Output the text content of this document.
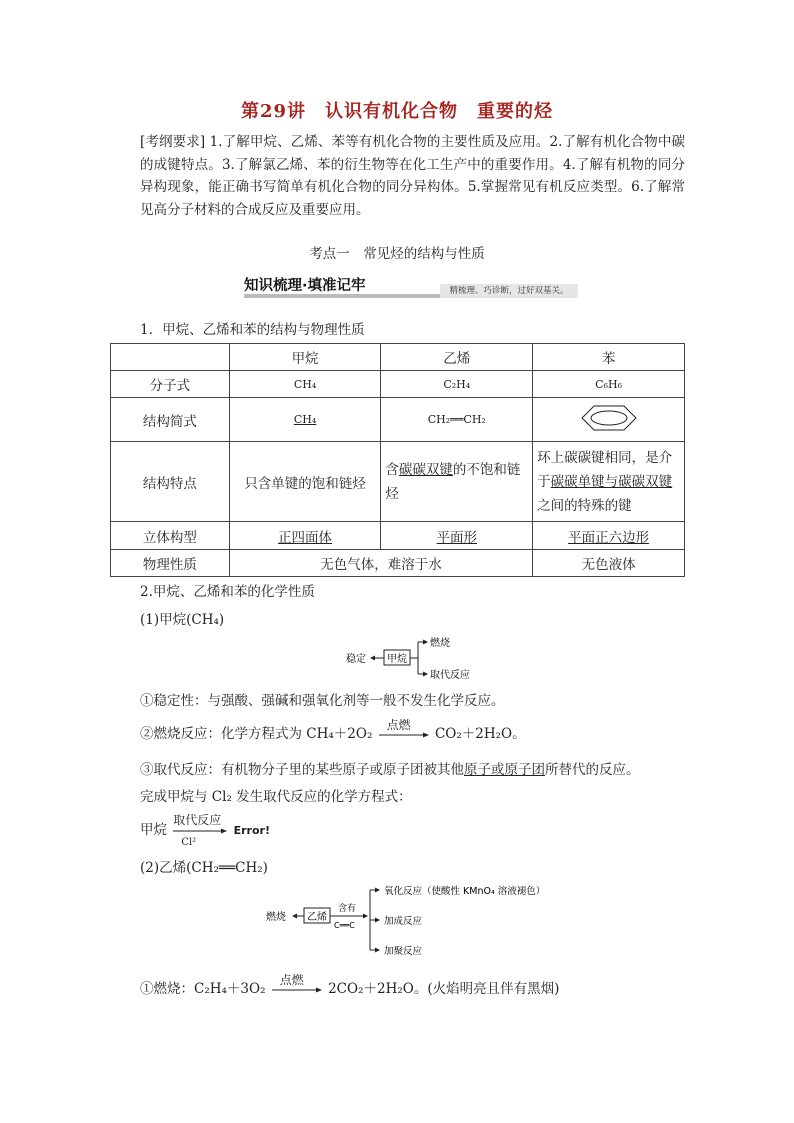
第29讲　认识有机化合物　重要的烃
[考纲要求] 1.了解甲烷、乙烯、苯等有机化合物的主要性质及应用。2.了解有机化合物中碳的成键特点。3.了解氯乙烯、苯的衍生物等在化工生产中的重要作用。4.了解有机物的同分异构现象，能正确书写简单有机化合物的同分异构体。5.掌握常见有机反应类型。6.了解常见高分子材料的合成反应及重要应用。
考点一　常见烃的结构与性质
知识梳理·填准记牢	精梳理、巧诊断，过好双基关。
1．甲烷、乙烯和苯的结构与物理性质
	甲烷	乙烯	苯
分子式	CH₄	C₂H₄	C₆H₆
结构简式	CH₄	CH₂══CH₂	
结构特点	只含单键的饱和链烃	含碳碳双键的不饱和链烃	环上碳碳键相同，是介于碳碳单键与碳碳双键之间的特殊的键
立体构型	正四面体	平面形	平面正六边形
物理性质	无色气体，难溶于水		无色液体
2.甲烷、乙烯和苯的化学性质
(1)甲烷(CH₄)
稳定 甲烷
燃烧
取代反应
①稳定性：与强酸、强碱和强氧化剂等一般不发生化学反应。
②燃烧反应：化学方程式为 CH₄＋2O₂
点燃
CO₂＋2H₂O。
③取代反应：有机物分子里的某些原子或原子团被其他原子或原子团所替代的反应。
完成甲烷与 Cl₂ 发生取代反应的化学方程式：
甲烷
取代反应
Cl²
Error!
(2)乙烯(CH₂══CH₂)
燃烧 乙烯
含有
C══C
氧化反应（使酸性 KMnO₄ 溶液褪色）
加成反应
加聚反应
①燃烧：C₂H₄＋3O₂
点燃
2CO₂＋2H₂O。(火焰明亮且伴有黑烟)
